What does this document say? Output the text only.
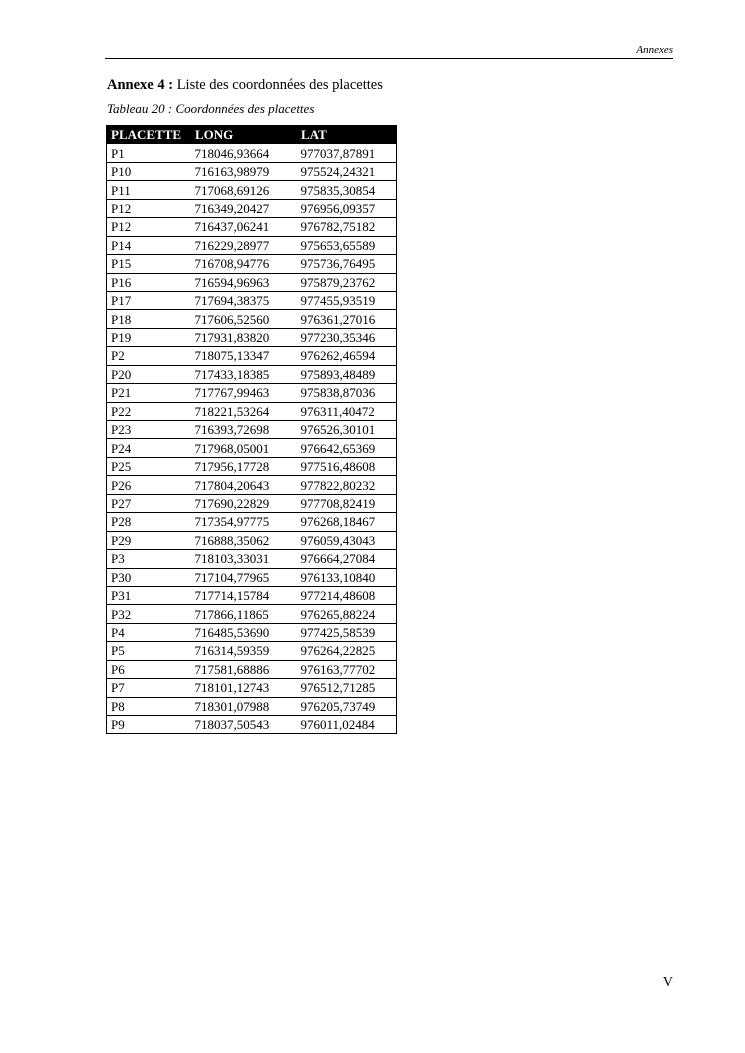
Annexes
Annexe 4 : Liste des coordonnées des placettes
Tableau 20 : Coordonnées des placettes
PLACETTE	LONG	LAT
P1	718046,93664	977037,87891
P10	716163,98979	975524,24321
P11	717068,69126	975835,30854
P12	716349,20427	976956,09357
P12	716437,06241	976782,75182
P14	716229,28977	975653,65589
P15	716708,94776	975736,76495
P16	716594,96963	975879,23762
P17	717694,38375	977455,93519
P18	717606,52560	976361,27016
P19	717931,83820	977230,35346
P2	718075,13347	976262,46594
P20	717433,18385	975893,48489
P21	717767,99463	975838,87036
P22	718221,53264	976311,40472
P23	716393,72698	976526,30101
P24	717968,05001	976642,65369
P25	717956,17728	977516,48608
P26	717804,20643	977822,80232
P27	717690,22829	977708,82419
P28	717354,97775	976268,18467
P29	716888,35062	976059,43043
P3	718103,33031	976664,27084
P30	717104,77965	976133,10840
P31	717714,15784	977214,48608
P32	717866,11865	976265,88224
P4	716485,53690	977425,58539
P5	716314,59359	976264,22825
P6	717581,68886	976163,77702
P7	718101,12743	976512,71285
P8	718301,07988	976205,73749
P9	718037,50543	976011,02484
V
